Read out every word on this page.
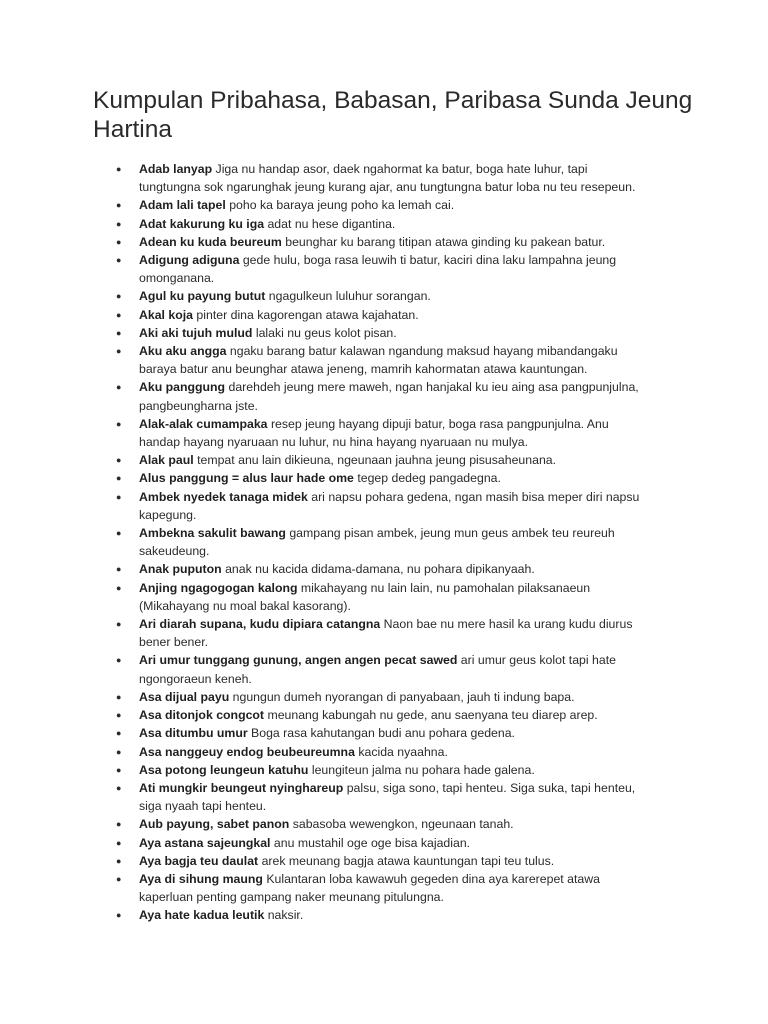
Kumpulan Pribahasa, Babasan, Paribasa Sunda Jeung Hartina
● Adab lanyap Jiga nu handap asor, daek ngahormat ka batur, boga hate luhur, tapi tungtungna sok ngarunghak jeung kurang ajar, anu tungtungna batur loba nu teu resepeun.
● Adam lali tapel poho ka baraya jeung poho ka lemah cai.
● Adat kakurung ku iga adat nu hese digantina.
● Adean ku kuda beureum beunghar ku barang titipan atawa ginding ku pakean batur.
● Adigung adiguna gede hulu, boga rasa leuwih ti batur, kaciri dina laku lampahna jeung omonganana.
● Agul ku payung butut ngagulkeun luluhur sorangan.
● Akal koja pinter dina kagorengan atawa kajahatan.
● Aki aki tujuh mulud lalaki nu geus kolot pisan.
● Aku aku angga ngaku barang batur kalawan ngandung maksud hayang mibandangaku baraya batur anu beunghar atawa jeneng, mamrih kahormatan atawa kauntungan.
● Aku panggung darehdeh jeung mere maweh, ngan hanjakal ku ieu aing asa pangpunjulna, pangbeungharna jste.
● Alak-alak cumampaka resep jeung hayang dipuji batur, boga rasa pangpunjulna. Anu handap hayang nyaruaan nu luhur, nu hina hayang nyaruaan nu mulya.
● Alak paul tempat anu lain dikieuna, ngeunaan jauhna jeung pisusaheunana.
● Alus panggung = alus laur hade ome tegep dedeg pangadegna.
● Ambek nyedek tanaga midek ari napsu pohara gedena, ngan masih bisa meper diri napsu kapegung.
● Ambekna sakulit bawang gampang pisan ambek, jeung mun geus ambek teu reureuh sakeudeung.
● Anak puputon anak nu kacida didama-damana, nu pohara dipikanyaah.
● Anjing ngagogogan kalong mikahayang nu lain lain, nu pamohalan pilaksanaeun (Mikahayang nu moal bakal kasorang).
● Ari diarah supana, kudu dipiara catangna Naon bae nu mere hasil ka urang kudu diurus bener bener.
● Ari umur tunggang gunung, angen angen pecat sawed ari umur geus kolot tapi hate ngongoraeun keneh.
● Asa dijual payu ngungun dumeh nyorangan di panyabaan, jauh ti indung bapa.
● Asa ditonjok congcot meunang kabungah nu gede, anu saenyana teu diarep arep.
● Asa ditumbu umur Boga rasa kahutangan budi anu pohara gedena.
● Asa nanggeuy endog beubeureumna kacida nyaahna.
● Asa potong leungeun katuhu leungiteun jalma nu pohara hade galena.
● Ati mungkir beungeut nyinghareup palsu, siga sono, tapi henteu. Siga suka, tapi henteu, siga nyaah tapi henteu.
● Aub payung, sabet panon sabasoba wewengkon, ngeunaan tanah.
● Aya astana sajeungkal anu mustahil oge oge bisa kajadian.
● Aya bagja teu daulat arek meunang bagja atawa kauntungan tapi teu tulus.
● Aya di sihung maung Kulantaran loba kawawuh gegeden dina aya karerepet atawa kaperluan penting gampang naker meunang pitulungna.
● Aya hate kadua leutik naksir.
